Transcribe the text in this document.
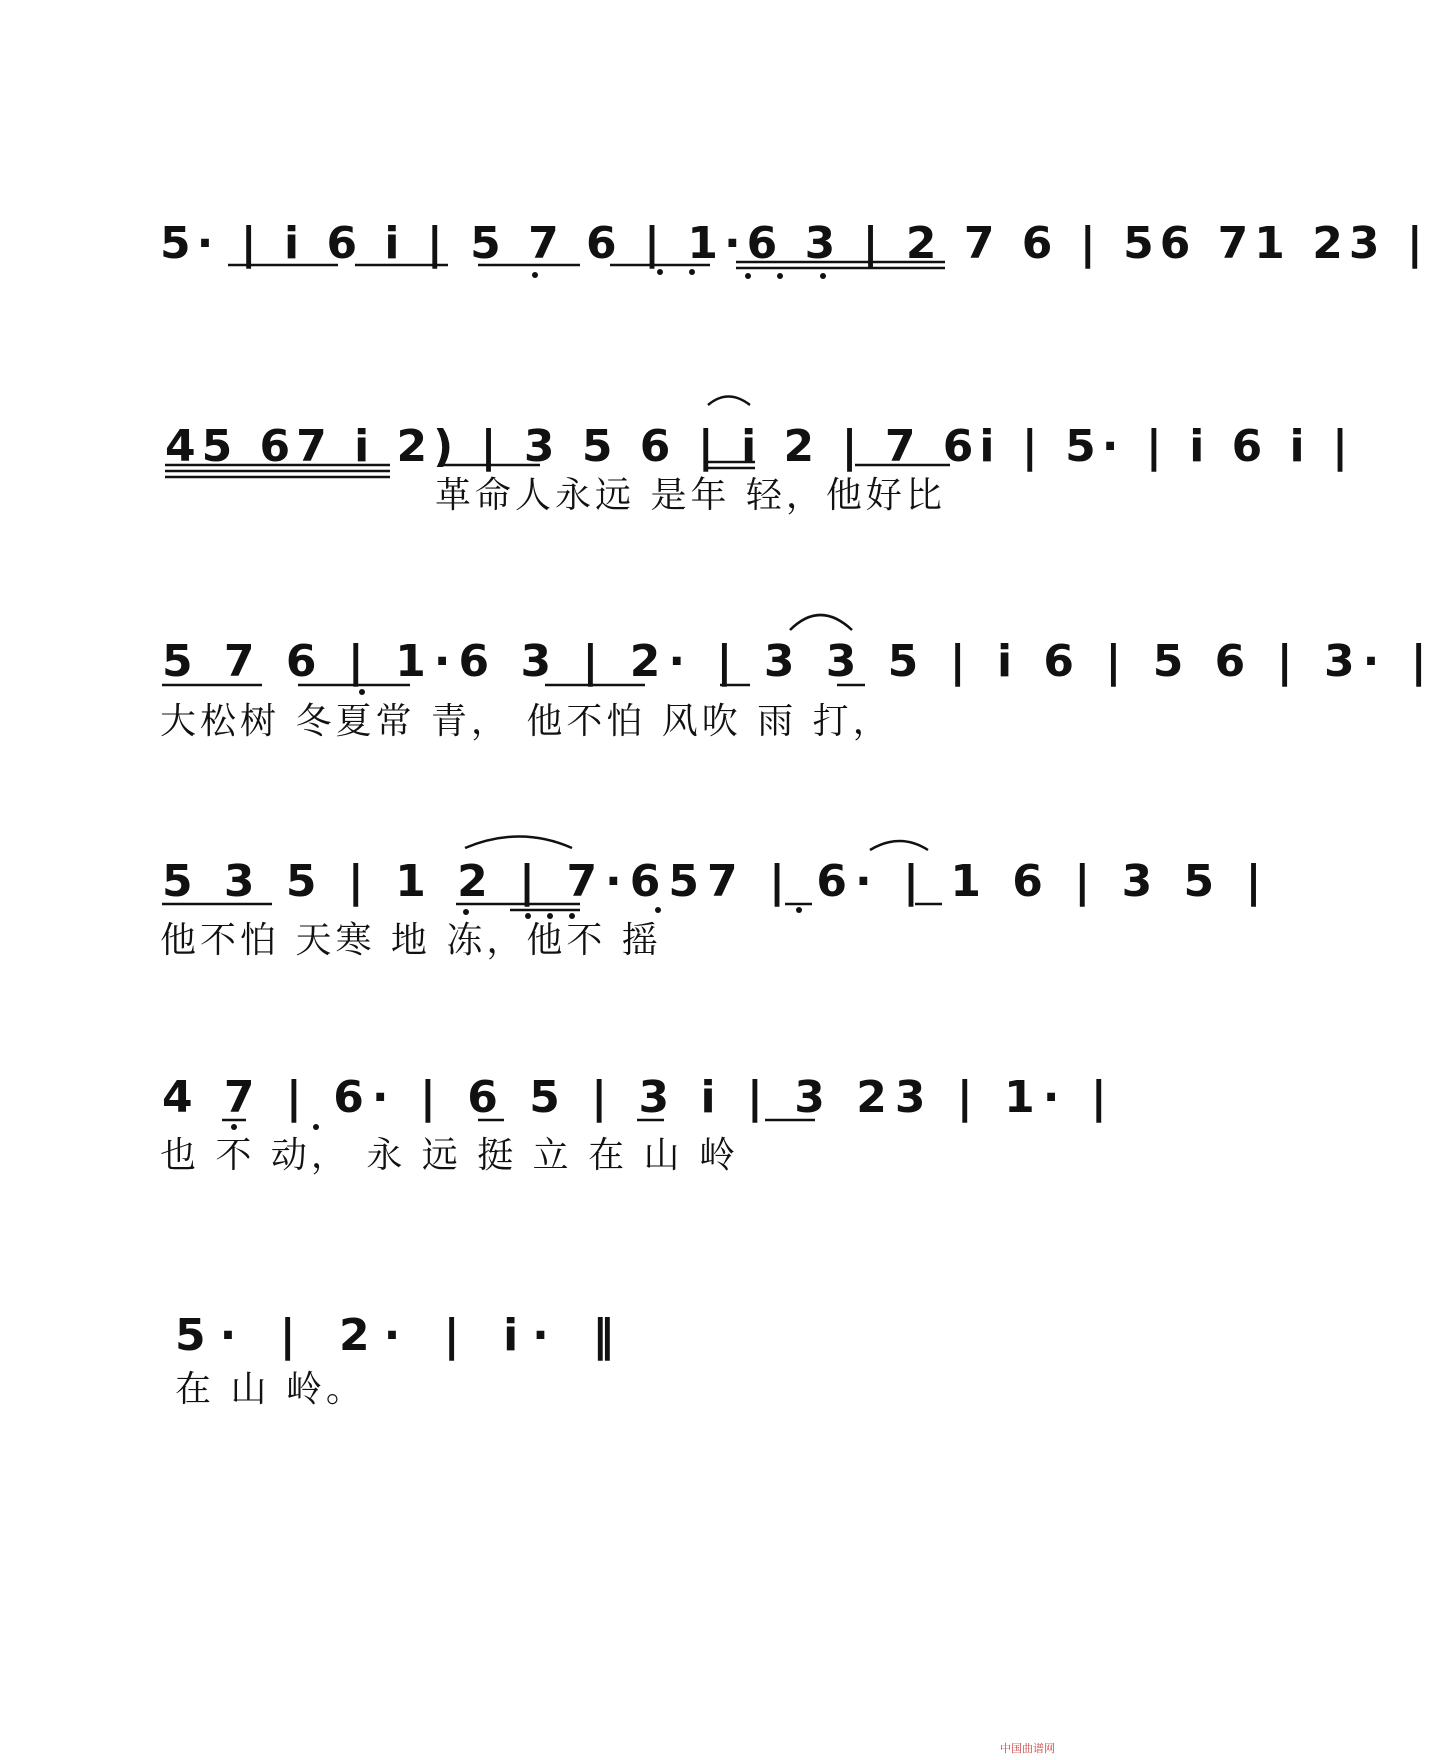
5· | i 6 i | 5 7 6 | 1·6 3 | 2 7 6 | 56 71 23 |
45 67 i 2) | 3 5 6 | i 2 | 7 6i | 5· | i 6 i |
革命人永远 是年 轻，他好比
5 7 6 | 1·6 3 | 2· | 3 3 5 | i 6 | 5 6 | 3· |
大松树 冬夏常 青， 他不怕 风吹 雨 打，
5 3 5 | 1 2 | 7·657 | 6· | 1 6 | 3 5 |
他不怕 天寒 地 冻，他不 摇
4 7 | 6· | 6 5 | 3 i | 3 23 | 1· |
也 不 动， 永 远 挺 立 在 山 岭
5· | 2· | i· ‖
在 山 岭。
中国曲谱网
